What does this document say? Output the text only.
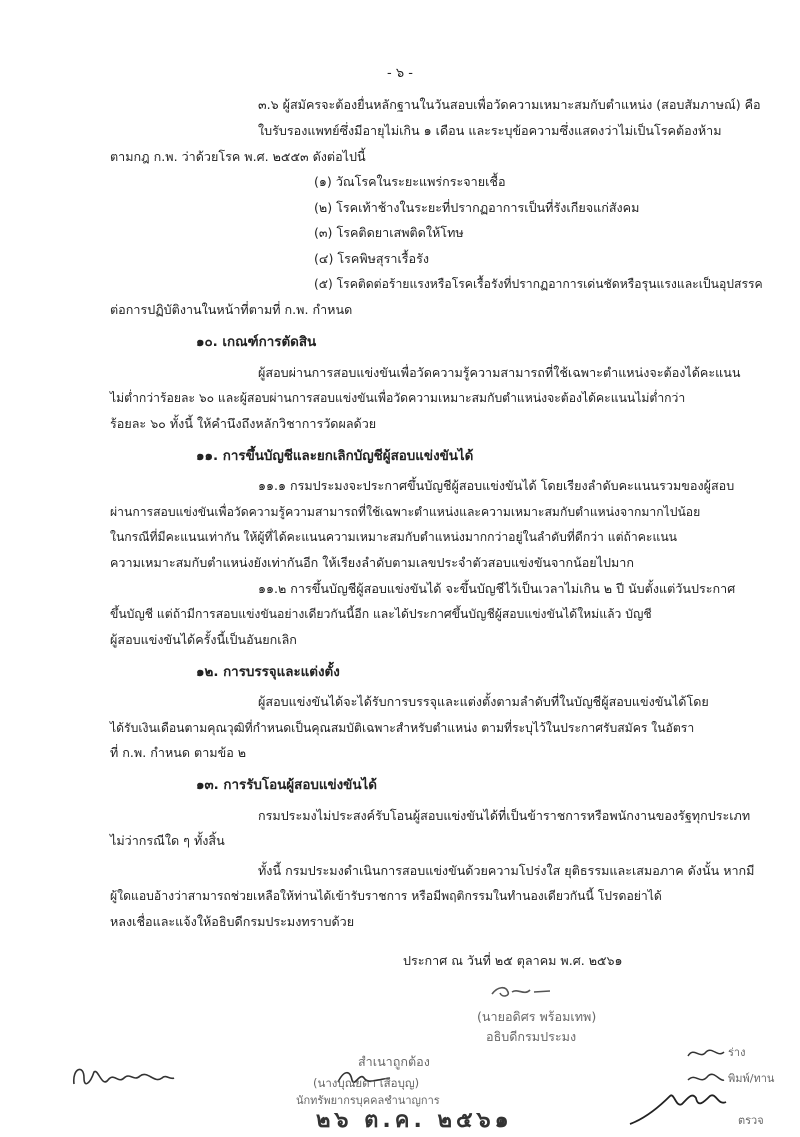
- ๖ -
๓.๖ ผู้สมัครจะต้องยื่นหลักฐานในวันสอบเพื่อวัดความเหมาะสมกับตำแหน่ง (สอบสัมภาษณ์) คือ
ใบรับรองแพทย์ซึ่งมีอายุไม่เกิน ๑ เดือน และระบุข้อความซึ่งแสดงว่าไม่เป็นโรคต้องห้าม
ตามกฎ ก.พ. ว่าด้วยโรค พ.ศ. ๒๕๕๓ ดังต่อไปนี้
(๑) วัณโรคในระยะแพร่กระจายเชื้อ
(๒) โรคเท้าช้างในระยะที่ปรากฏอาการเป็นที่รังเกียจแก่สังคม
(๓) โรคติดยาเสพติดให้โทษ
(๔) โรคพิษสุราเรื้อรัง
(๕) โรคติดต่อร้ายแรงหรือโรคเรื้อรังที่ปรากฏอาการเด่นชัดหรือรุนแรงและเป็นอุปสรรค
ต่อการปฏิบัติงานในหน้าที่ตามที่ ก.พ. กำหนด
๑๐. เกณฑ์การตัดสิน
ผู้สอบผ่านการสอบแข่งขันเพื่อวัดความรู้ความสามารถที่ใช้เฉพาะตำแหน่งจะต้องได้คะแนน
ไม่ต่ำกว่าร้อยละ ๖๐ และผู้สอบผ่านการสอบแข่งขันเพื่อวัดความเหมาะสมกับตำแหน่งจะต้องได้คะแนนไม่ต่ำกว่า
ร้อยละ ๖๐ ทั้งนี้ ให้คำนึงถึงหลักวิชาการวัดผลด้วย
๑๑. การขึ้นบัญชีและยกเลิกบัญชีผู้สอบแข่งขันได้
๑๑.๑ กรมประมงจะประกาศขึ้นบัญชีผู้สอบแข่งขันได้ โดยเรียงลำดับคะแนนรวมของผู้สอบ
ผ่านการสอบแข่งขันเพื่อวัดความรู้ความสามารถที่ใช้เฉพาะตำแหน่งและความเหมาะสมกับตำแหน่งจากมากไปน้อย
ในกรณีที่มีคะแนนเท่ากัน ให้ผู้ที่ได้คะแนนความเหมาะสมกับตำแหน่งมากกว่าอยู่ในลำดับที่ดีกว่า แต่ถ้าคะแนน
ความเหมาะสมกับตำแหน่งยังเท่ากันอีก ให้เรียงลำดับตามเลขประจำตัวสอบแข่งขันจากน้อยไปมาก
๑๑.๒ การขึ้นบัญชีผู้สอบแข่งขันได้ จะขึ้นบัญชีไว้เป็นเวลาไม่เกิน ๒ ปี นับตั้งแต่วันประกาศ
ขึ้นบัญชี แต่ถ้ามีการสอบแข่งขันอย่างเดียวกันนี้อีก และได้ประกาศขึ้นบัญชีผู้สอบแข่งขันได้ใหม่แล้ว บัญชี
ผู้สอบแข่งขันได้ครั้งนี้เป็นอันยกเลิก
๑๒. การบรรจุและแต่งตั้ง
ผู้สอบแข่งขันได้จะได้รับการบรรจุและแต่งตั้งตามลำดับที่ในบัญชีผู้สอบแข่งขันได้โดย
ได้รับเงินเดือนตามคุณวุฒิที่กำหนดเป็นคุณสมบัติเฉพาะสำหรับตำแหน่ง ตามที่ระบุไว้ในประกาศรับสมัคร ในอัตรา
ที่ ก.พ. กำหนด ตามข้อ ๒
๑๓. การรับโอนผู้สอบแข่งขันได้
กรมประมงไม่ประสงค์รับโอนผู้สอบแข่งขันได้ที่เป็นข้าราชการหรือพนักงานของรัฐทุกประเภท
ไม่ว่ากรณีใด ๆ ทั้งสิ้น
ทั้งนี้ กรมประมงดำเนินการสอบแข่งขันด้วยความโปร่งใส ยุติธรรมและเสมอภาค ดังนั้น หากมี
ผู้ใดแอบอ้างว่าสามารถช่วยเหลือให้ท่านได้เข้ารับราชการ หรือมีพฤติกรรมในทำนองเดียวกันนี้ โปรดอย่าได้
หลงเชื่อและแจ้งให้อธิบดีกรมประมงทราบด้วย
ประกาศ ณ วันที่ ๒๕ ตุลาคม พ.ศ. ๒๕๖๑
(นายอดิศร พร้อมเทพ)
อธิบดีกรมประมง
สำเนาถูกต้อง
(นางบุณยดา เสือบุญ)
นักทรัพยากรบุคคลชำนาญการ
๒๖ ต.ค. ๒๕๖๑
ร่าง
พิมพ์/ทาน
ตรวจ
